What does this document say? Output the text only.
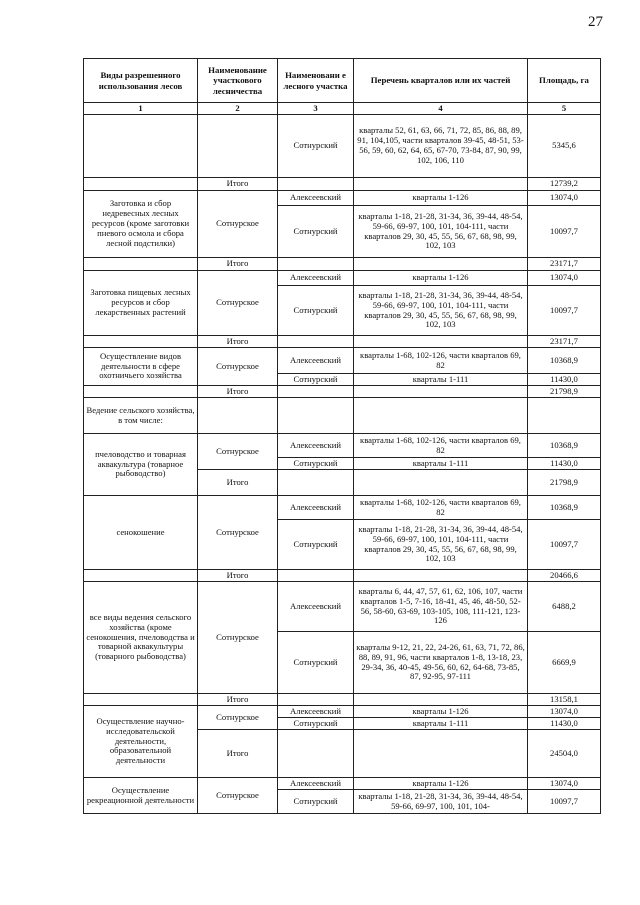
27
Виды разрешенного использования лесов	Наименование участкового лесничества	Наименовани е лесного участка	Перечень кварталов или их частей	Площадь, га
1	2	3	4	5
		Сотнурский	кварталы 52, 61, 63, 66, 71, 72, 85, 86, 88, 89, 91, 104,105, части кварталов 39-45, 48-51, 53-56, 59, 60, 62, 64, 65, 67-70, 73-84, 87, 90, 99, 102, 106, 110	5345,6
	Итого			12739,2
Заготовка и сбор недревесных лесных ресурсов (кроме заготовки пневого осмола и сбора лесной подстилки)	Сотнурское	Алексеевский	кварталы 1-126	13074,0
		Сотнурский	кварталы 1-18, 21-28, 31-34, 36, 39-44, 48-54, 59-66, 69-97, 100, 101, 104-111, части кварталов 29, 30, 45, 55, 56, 67, 68, 98, 99, 102, 103	10097,7
	Итого			23171,7
Заготовка пищевых лесных ресурсов и сбор лекарственных растений	Сотнурское	Алексеевский	кварталы 1-126	13074,0
		Сотнурский	кварталы 1-18, 21-28, 31-34, 36, 39-44, 48-54, 59-66, 69-97, 100, 101, 104-111, части кварталов 29, 30, 45, 55, 56, 67, 68, 98, 99, 102, 103	10097,7
	Итого			23171,7
Осуществление видов деятельности в сфере охотничьего хозяйства	Сотнурское	Алексеевский	кварталы 1-68, 102-126, части кварталов 69, 82	10368,9
		Сотнурский	кварталы 1-111	11430,0
	Итого			21798,9
Ведение сельского хозяйства, в том числе:				
пчеловодство и товарная аквакультура (товарное рыбоводство)	Сотнурское	Алексеевский	кварталы 1-68, 102-126, части кварталов 69, 82	10368,9
		Сотнурский	кварталы 1-111	11430,0
	Итого			21798,9
сенокошение	Сотнурское	Алексеевский	кварталы 1-68, 102-126, части кварталов 69, 82	10368,9
		Сотнурский	кварталы 1-18, 21-28, 31-34, 36, 39-44, 48-54, 59-66, 69-97, 100, 101, 104-111, части кварталов 29, 30, 45, 55, 56, 67, 68, 98, 99, 102, 103	10097,7
	Итого			20466,6
все виды ведения сельского хозяйства (кроме сенокошения, пчеловодства и товарной аквакультуры (товарного рыбоводства)	Сотнурское	Алексеевский	кварталы 6, 44, 47, 57, 61, 62, 106, 107, части кварталов 1-5, 7-16, 18-41, 45, 46, 48-50, 52-56, 58-60, 63-69, 103-105, 108, 111-121, 123-126	6488,2
		Сотнурский	кварталы 9-12, 21, 22, 24-26, 61, 63, 71, 72, 86, 88, 89, 91, 96, части кварталов 1-8, 13-18, 23, 29-34, 36, 40-45, 49-56, 60, 62, 64-68, 73-85, 87, 92-95, 97-111	6669,9
	Итого			13158,1
Осуществление научно-исследовательской деятельности, образовательной деятельности	Сотнурское	Алексеевский	кварталы 1-126	13074,0
		Сотнурский	кварталы 1-111	11430,0
	Итого			24504,0
Осуществление рекреационной деятельности	Сотнурское	Алексеевский	кварталы 1-126	13074,0
		Сотнурский	кварталы 1-18, 21-28, 31-34, 36, 39-44, 48-54, 59-66, 69-97, 100, 101, 104-	10097,7
